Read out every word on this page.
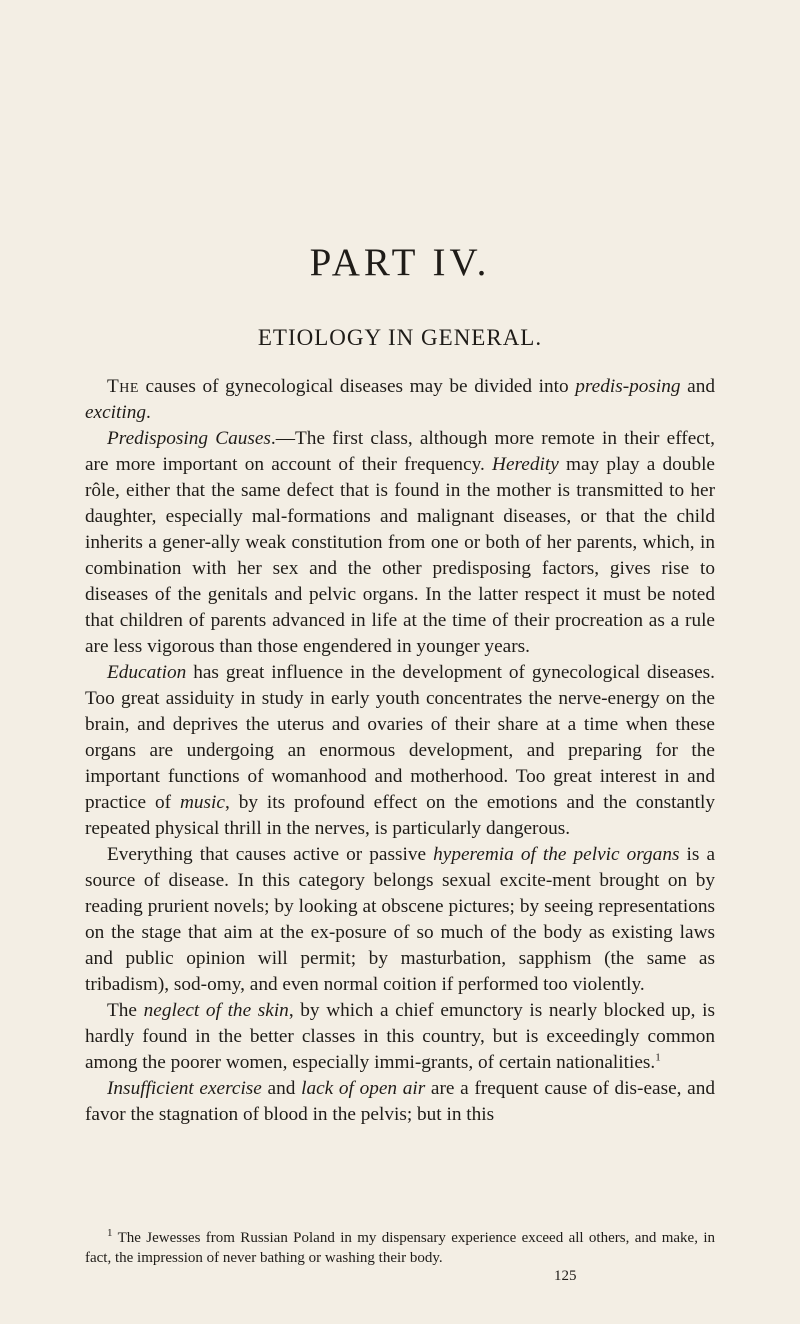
PART IV.
ETIOLOGY IN GENERAL.

The causes of gynecological diseases may be divided into predis-posing and exciting.

Predisposing Causes.—The first class, although more remote in their effect, are more important on account of their frequency. Heredity may play a double rôle, either that the same defect that is found in the mother is transmitted to her daughter, especially mal-formations and malignant diseases, or that the child inherits a gener-ally weak constitution from one or both of her parents, which, in combination with her sex and the other predisposing factors, gives rise to diseases of the genitals and pelvic organs. In the latter respect it must be noted that children of parents advanced in life at the time of their procreation as a rule are less vigorous than those engendered in younger years.

Education has great influence in the development of gynecological diseases. Too great assiduity in study in early youth concentrates the nerve-energy on the brain, and deprives the uterus and ovaries of their share at a time when these organs are undergoing an enormous development, and preparing for the important functions of womanhood and motherhood. Too great interest in and practice of music, by its profound effect on the emotions and the constantly repeated physical thrill in the nerves, is particularly dangerous.

Everything that causes active or passive hyperemia of the pelvic organs is a source of disease. In this category belongs sexual excite-ment brought on by reading prurient novels; by looking at obscene pictures; by seeing representations on the stage that aim at the ex-posure of so much of the body as existing laws and public opinion will permit; by masturbation, sapphism (the same as tribadism), sod-omy, and even normal coition if performed too violently.

The neglect of the skin, by which a chief emunctory is nearly blocked up, is hardly found in the better classes in this country, but is exceedingly common among the poorer women, especially immi-grants, of certain nationalities.$^1$

Insufficient exercise and lack of open air are a frequent cause of dis-ease, and favor the stagnation of blood in the pelvis; but in this

$^1$ The Jewesses from Russian Poland in my dispensary experience exceed all others, and make, in fact, the impression of never bathing or washing their body.

125
